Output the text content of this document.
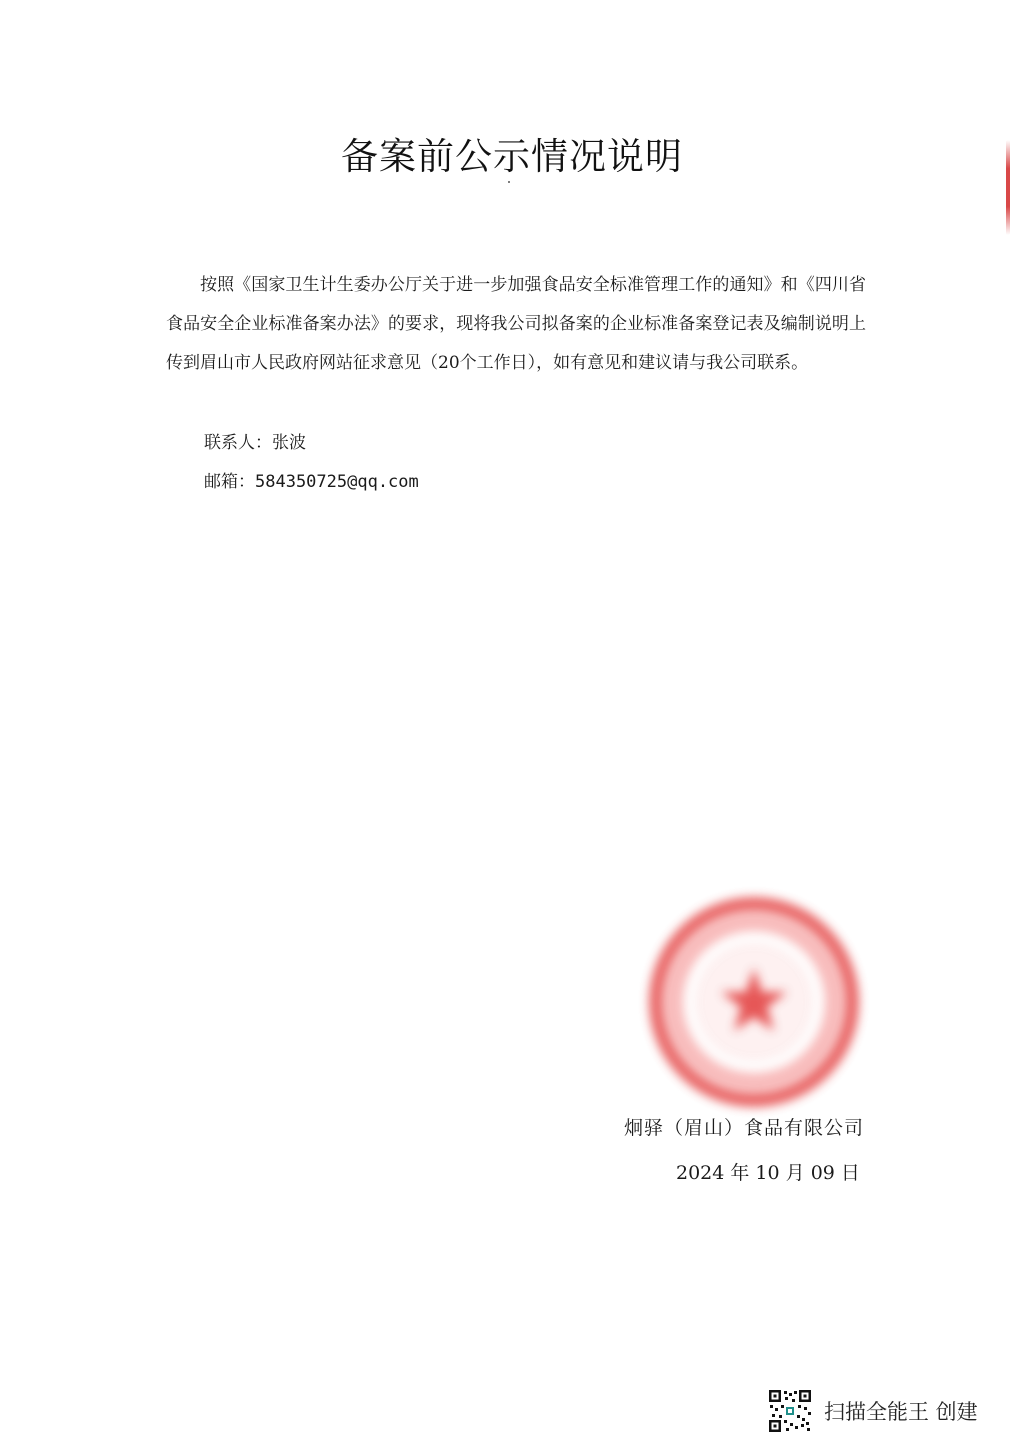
备案前公示情况说明

按照《国家卫生计生委办公厅关于进一步加强食品安全标准管理工作的通知》和《四川省食品安全企业标准备案办法》的要求，现将我公司拟备案的企业标准备案登记表及编制说明上传到眉山市人民政府网站征求意见（20个工作日），如有意见和建议请与我公司联系。

联系人：张波
邮箱：584350725@qq.com
炯驿（眉山）食品有限公司
2024 年 10 月 09 日
扫描全能王 创建
